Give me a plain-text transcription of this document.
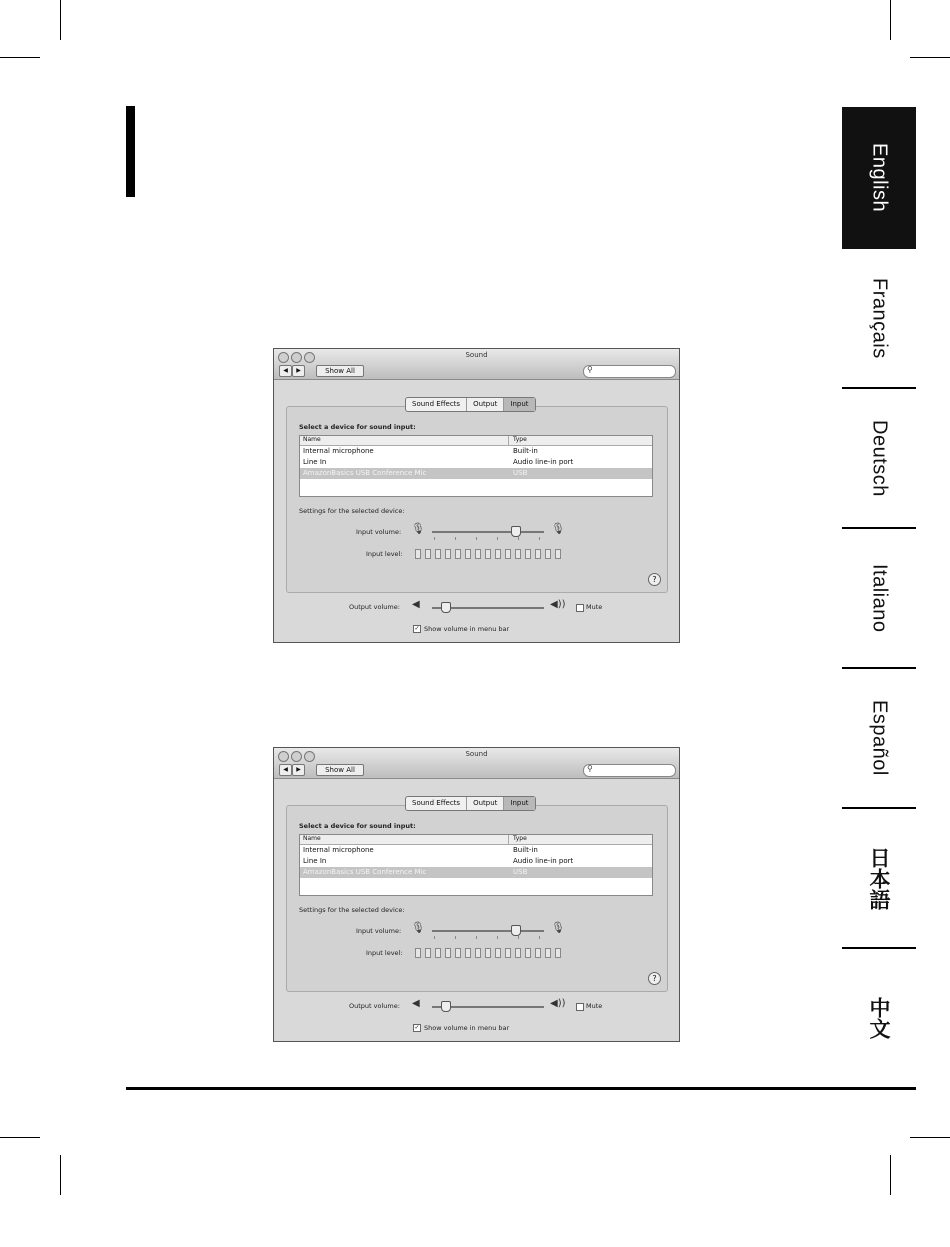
English
Français
Deutsch
Italiano
Español
日本語
中文
Sound
◀	▶	Show All	⚲
Sound Effects	Output	Input
Select a device for sound input:
Name	Type
Internal microphone	Built-in
Line In	Audio line-in port
AmazonBasics USB Conference Mic	USB
Settings for the selected device:
Input volume: 🎙	🎙
Input level:
?
Output volume: ◀	◀))	Mute
✓ Show volume in menu bar
Sound
◀	▶	Show All	⚲
Sound Effects	Output	Input
Select a device for sound input:
Name	Type
Internal microphone	Built-in
Line In	Audio line-in port
AmazonBasics USB Conference Mic	USB
Settings for the selected device:
Input volume: 🎙	🎙
Input level:
?
Output volume: ◀	◀))	Mute
✓ Show volume in menu bar
